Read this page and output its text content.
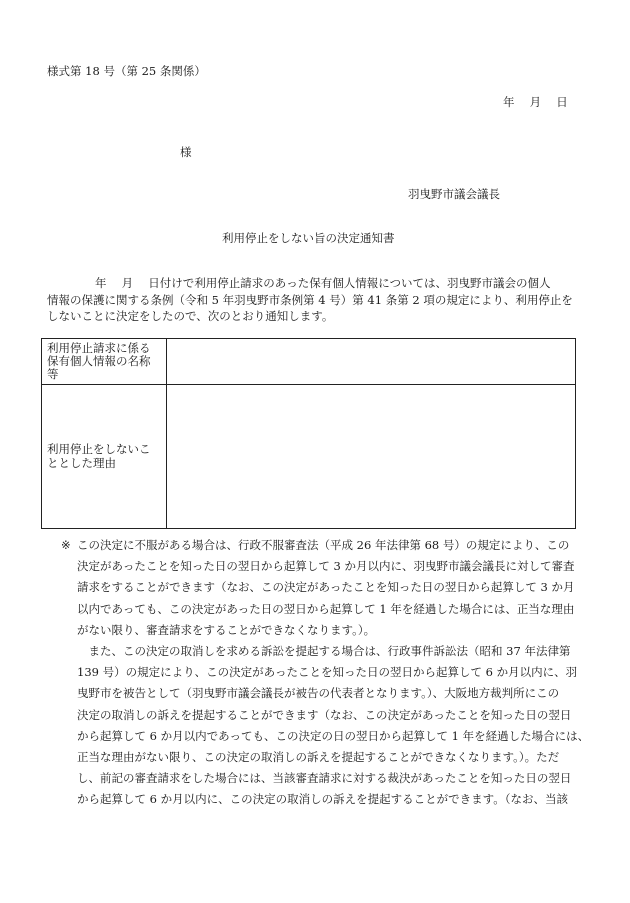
様式第 18 号（第 25 条関係）
年　 月　 日
様
羽曳野市議会議長
利用停止をしない旨の決定通知書
年　 月　 日付けで利用停止請求のあった保有個人情報については、羽曳野市議会の個人
情報の保護に関する条例（令和 5 年羽曳野市条例第 4 号）第 41 条第 2 項の規定により、利用停止を
しないことに決定をしたので、次のとおり通知します。
利用停止請求に係る
保有個人情報の名称
等
利用停止をしないこ
ととした理由
※ この決定に不服がある場合は、行政不服審査法（平成 26 年法律第 68 号）の規定により、この
決定があったことを知った日の翌日から起算して 3 か月以内に、羽曳野市議会議長に対して審査
請求をすることができます（なお、この決定があったことを知った日の翌日から起算して 3 か月
以内であっても、この決定があった日の翌日から起算して 1 年を経過した場合には、正当な理由
がない限り、審査請求をすることができなくなります。）。
　また、この決定の取消しを求める訴訟を提起する場合は、行政事件訴訟法（昭和 37 年法律第
139 号）の規定により、この決定があったことを知った日の翌日から起算して 6 か月以内に、羽
曳野市を被告として（羽曳野市議会議長が被告の代表者となります。）、大阪地方裁判所にこの
決定の取消しの訴えを提起することができます（なお、この決定があったことを知った日の翌日
から起算して 6 か月以内であっても、この決定の日の翌日から起算して 1 年を経過した場合には、
正当な理由がない限り、この決定の取消しの訴えを提起することができなくなります。）。ただ
し、前記の審査請求をした場合には、当該審査請求に対する裁決があったことを知った日の翌日
から起算して 6 か月以内に、この決定の取消しの訴えを提起することができます。（なお、当該
